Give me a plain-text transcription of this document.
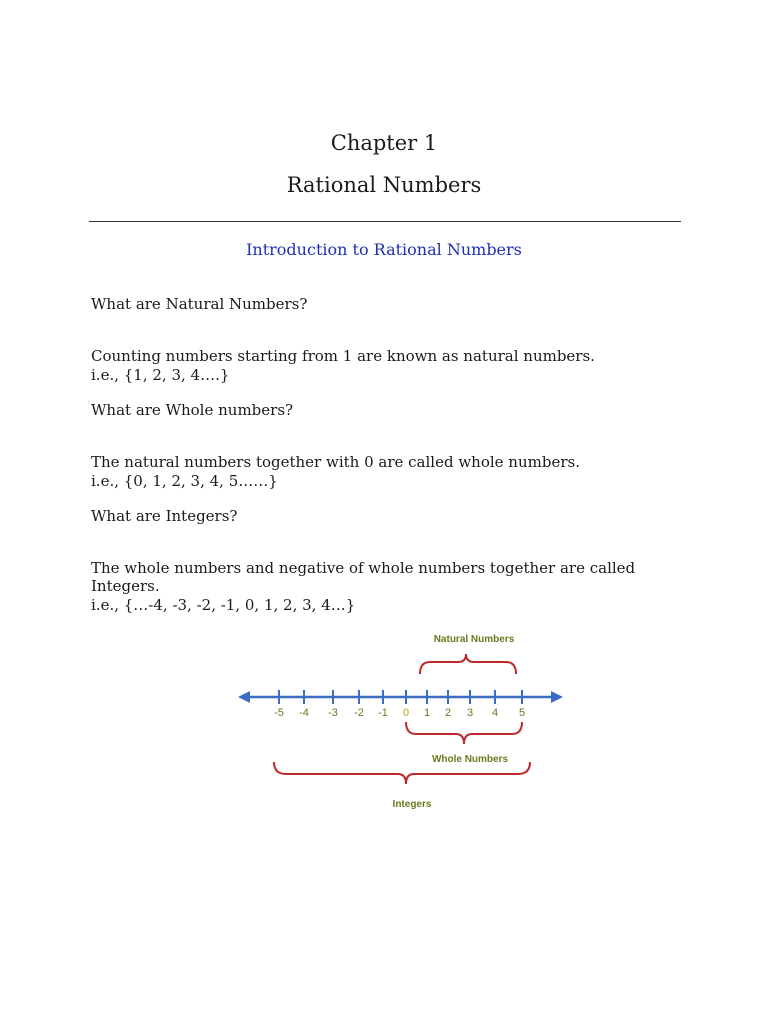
Chapter 1
Rational Numbers
Introduction to Rational Numbers
What are Natural Numbers?
Counting numbers starting from 1 are known as natural numbers.
i.e., {1, 2, 3, 4….}
What are Whole numbers?
The natural numbers together with 0 are called whole numbers.
i.e., {0, 1, 2, 3, 4, 5……}
What are Integers?
The whole numbers and negative of whole numbers together are called
Integers.
i.e., {…-4, -3, -2, -1, 0, 1, 2, 3, 4…}
-5 -4 -3 -2 -1 0 1 2 3 4 5
Natural Numbers
Whole Numbers
Integers
